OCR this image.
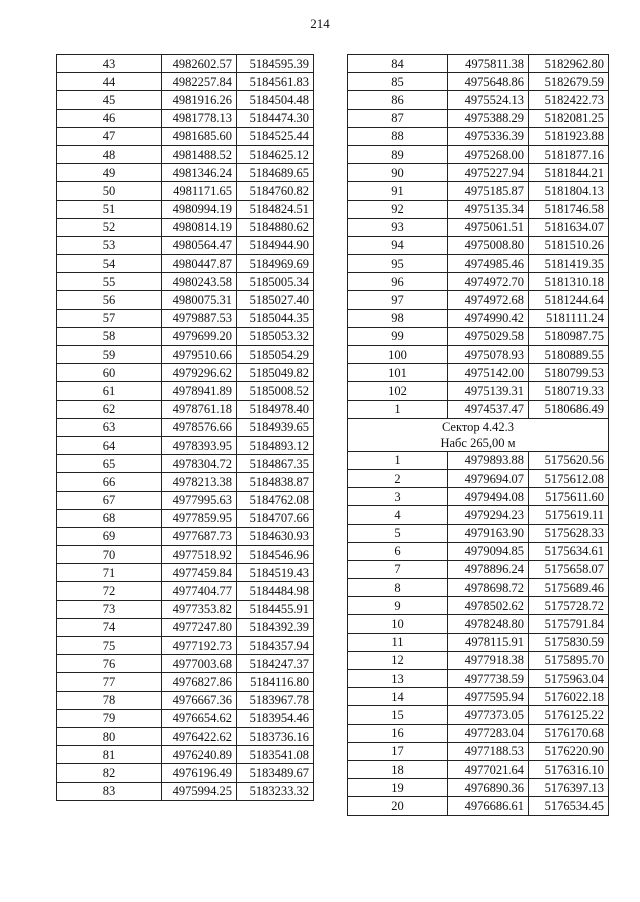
214
43	4982602.57	5184595.39
44	4982257.84	5184561.83
45	4981916.26	5184504.48
46	4981778.13	5184474.30
47	4981685.60	5184525.44
48	4981488.52	5184625.12
49	4981346.24	5184689.65
50	4981171.65	5184760.82
51	4980994.19	5184824.51
52	4980814.19	5184880.62
53	4980564.47	5184944.90
54	4980447.87	5184969.69
55	4980243.58	5185005.34
56	4980075.31	5185027.40
57	4979887.53	5185044.35
58	4979699.20	5185053.32
59	4979510.66	5185054.29
60	4979296.62	5185049.82
61	4978941.89	5185008.52
62	4978761.18	5184978.40
63	4978576.66	5184939.65
64	4978393.95	5184893.12
65	4978304.72	5184867.35
66	4978213.38	5184838.87
67	4977995.63	5184762.08
68	4977859.95	5184707.66
69	4977687.73	5184630.93
70	4977518.92	5184546.96
71	4977459.84	5184519.43
72	4977404.77	5184484.98
73	4977353.82	5184455.91
74	4977247.80	5184392.39
75	4977192.73	5184357.94
76	4977003.68	5184247.37
77	4976827.86	5184116.80
78	4976667.36	5183967.78
79	4976654.62	5183954.46
80	4976422.62	5183736.16
81	4976240.89	5183541.08
82	4976196.49	5183489.67
83	4975994.25	5183233.32
84	4975811.38	5182962.80
85	4975648.86	5182679.59
86	4975524.13	5182422.73
87	4975388.29	5182081.25
88	4975336.39	5181923.88
89	4975268.00	5181877.16
90	4975227.94	5181844.21
91	4975185.87	5181804.13
92	4975135.34	5181746.58
93	4975061.51	5181634.07
94	4975008.80	5181510.26
95	4974985.46	5181419.35
96	4974972.70	5181310.18
97	4974972.68	5181244.64
98	4974990.42	5181111.24
99	4975029.58	5180987.75
100	4975078.93	5180889.55
101	4975142.00	5180799.53
102	4975139.31	5180719.33
1	4974537.47	5180686.49

Сектор 4.42.3
Набс 265,00 м		

1	4979893.88	5175620.56
2	4979694.07	5175612.08
3	4979494.08	5175611.60
4	4979294.23	5175619.11
5	4979163.90	5175628.33
6	4979094.85	5175634.61
7	4978896.24	5175658.07
8	4978698.72	5175689.46
9	4978502.62	5175728.72
10	4978248.80	5175791.84
11	4978115.91	5175830.59
12	4977918.38	5175895.70
13	4977738.59	5175963.04
14	4977595.94	5176022.18
15	4977373.05	5176125.22
16	4977283.04	5176170.68
17	4977188.53	5176220.90
18	4977021.64	5176316.10
19	4976890.36	5176397.13
20	4976686.61	5176534.45
